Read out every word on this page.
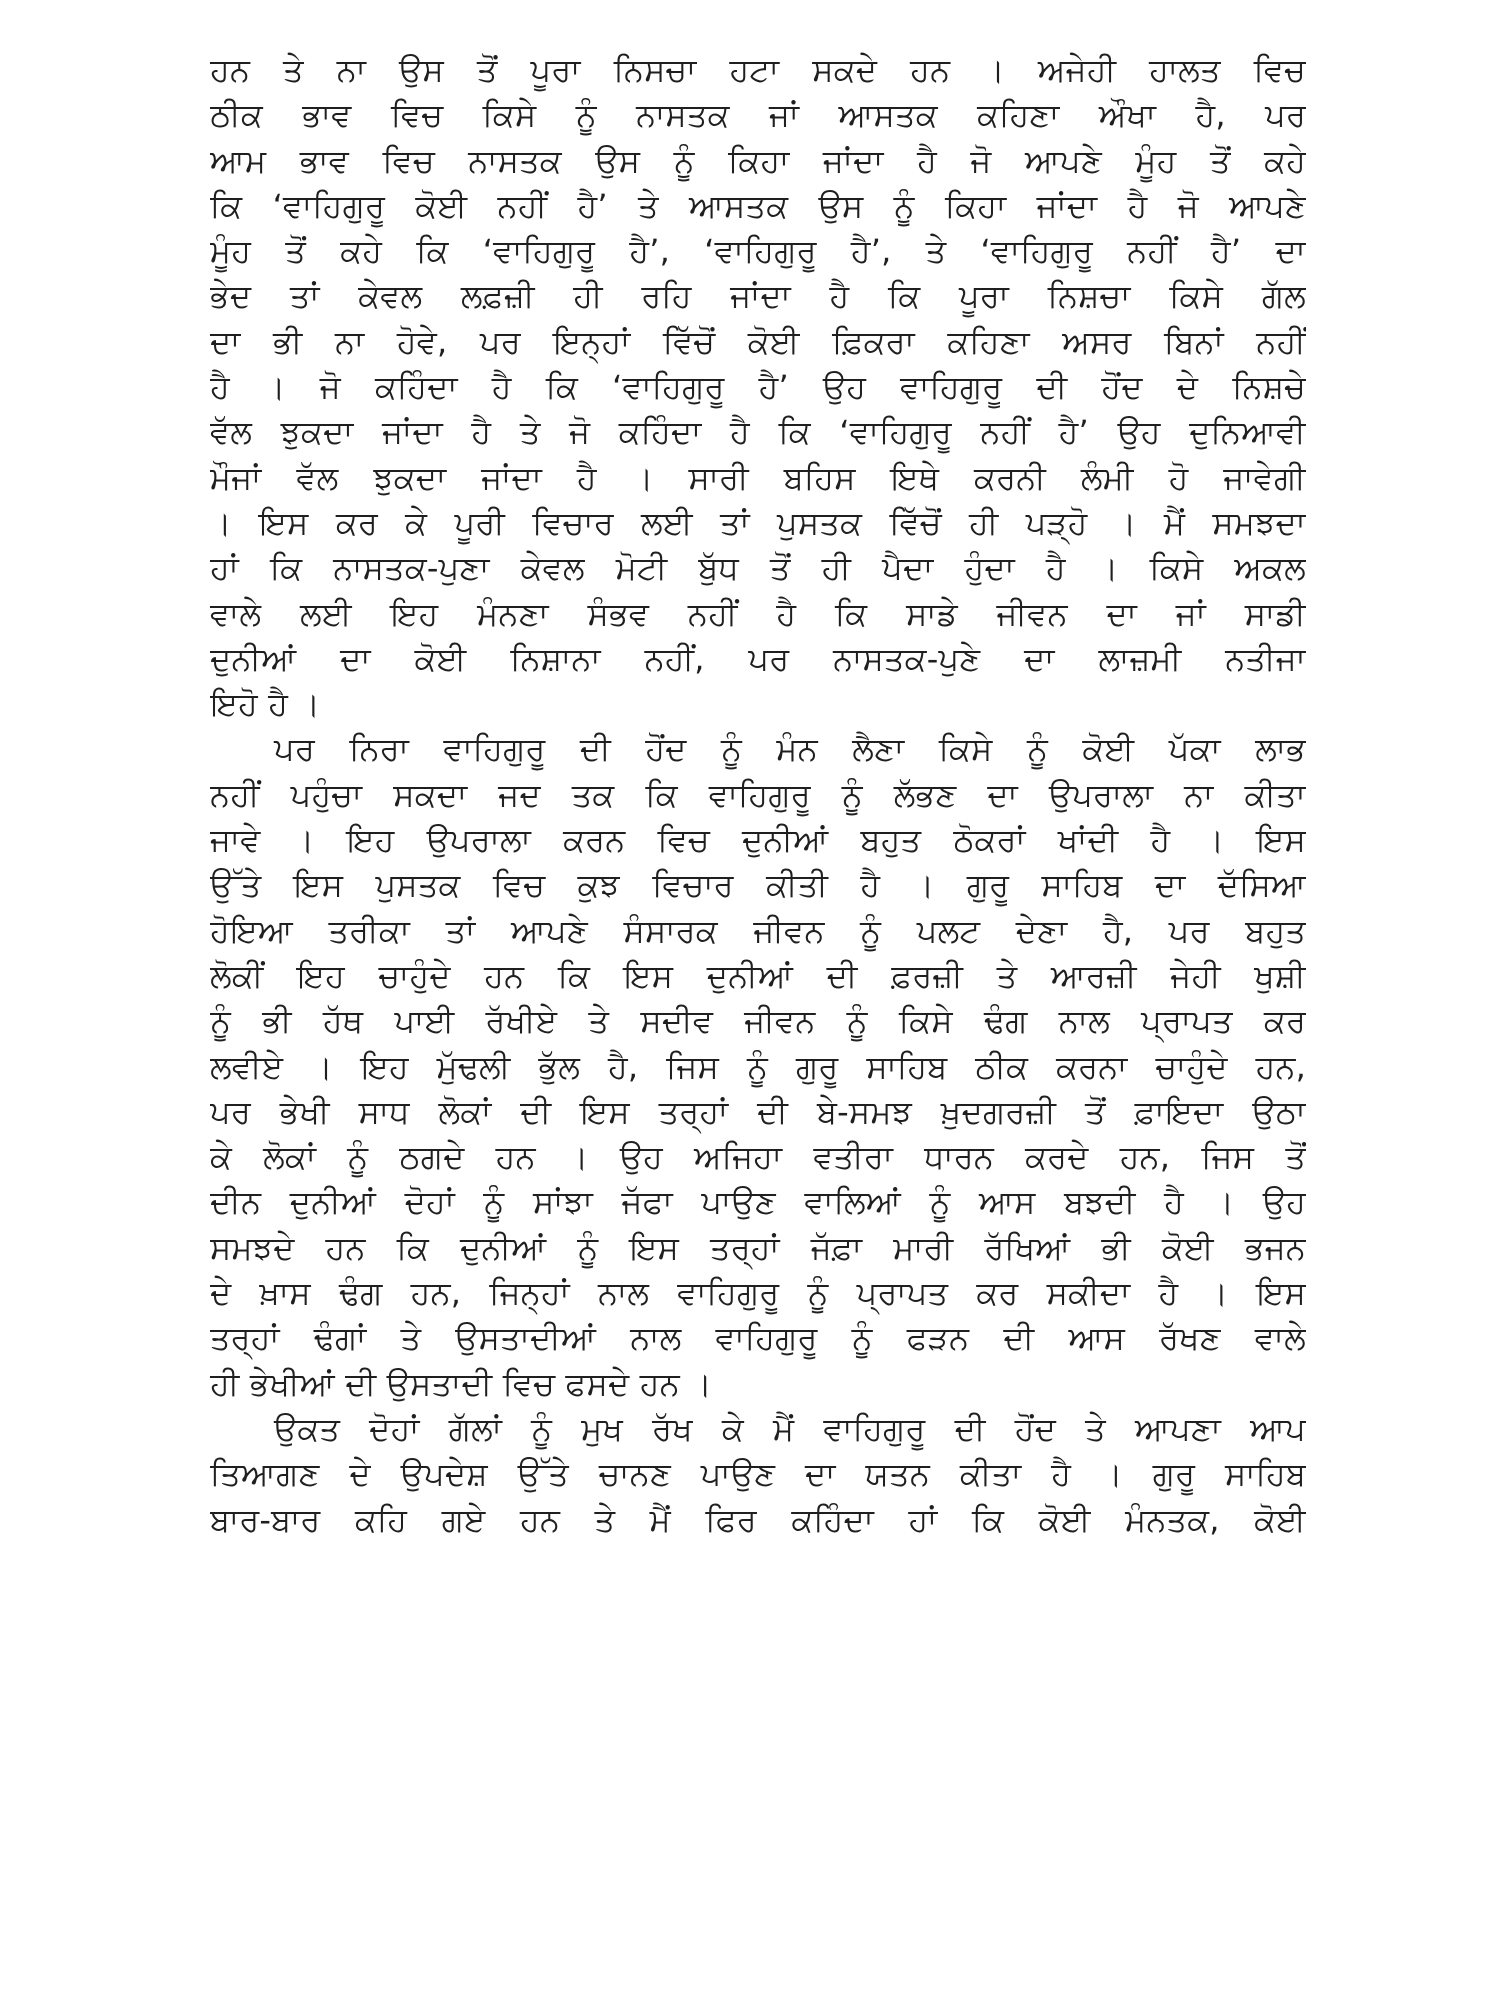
ਹਨ ਤੇ ਨਾ ਉਸ ਤੋਂ ਪੂਰਾ ਨਿਸਚਾ ਹਟਾ ਸਕਦੇ ਹਨ । ਅਜੇਹੀ ਹਾਲਤ ਵਿਚ
ਠੀਕ ਭਾਵ ਵਿਚ ਕਿਸੇ ਨੂੰ ਨਾਸਤਕ ਜਾਂ ਆਸਤਕ ਕਹਿਣਾ ਔਖਾ ਹੈ, ਪਰ
ਆਮ ਭਾਵ ਵਿਚ ਨਾਸਤਕ ਉਸ ਨੂੰ ਕਿਹਾ ਜਾਂਦਾ ਹੈ ਜੋ ਆਪਣੇ ਮੂੰਹ ਤੋਂ ਕਹੇ
ਕਿ ‘ਵਾਹਿਗੁਰੂ ਕੋਈ ਨਹੀਂ ਹੈ’ ਤੇ ਆਸਤਕ ਉਸ ਨੂੰ ਕਿਹਾ ਜਾਂਦਾ ਹੈ ਜੋ ਆਪਣੇ
ਮੂੰਹ ਤੋਂ ਕਹੇ ਕਿ ‘ਵਾਹਿਗੁਰੂ ਹੈ’, ‘ਵਾਹਿਗੁਰੂ ਹੈ’, ਤੇ ‘ਵਾਹਿਗੁਰੂ ਨਹੀਂ ਹੈ’ ਦਾ
ਭੇਦ ਤਾਂ ਕੇਵਲ ਲਫ਼ਜ਼ੀ ਹੀ ਰਹਿ ਜਾਂਦਾ ਹੈ ਕਿ ਪੂਰਾ ਨਿਸ਼ਚਾ ਕਿਸੇ ਗੱਲ
ਦਾ ਭੀ ਨਾ ਹੋਵੇ, ਪਰ ਇਨ੍ਹਾਂ ਵਿੱਚੋਂ ਕੋਈ ਫ਼ਿਕਰਾ ਕਹਿਣਾ ਅਸਰ ਬਿਨਾਂ ਨਹੀਂ
ਹੈ । ਜੋ ਕਹਿੰਦਾ ਹੈ ਕਿ ‘ਵਾਹਿਗੁਰੂ ਹੈ’ ਉਹ ਵਾਹਿਗੁਰੂ ਦੀ ਹੋਂਦ ਦੇ ਨਿਸ਼ਚੇ
ਵੱਲ ਝੁਕਦਾ ਜਾਂਦਾ ਹੈ ਤੇ ਜੋ ਕਹਿੰਦਾ ਹੈ ਕਿ ‘ਵਾਹਿਗੁਰੂ ਨਹੀਂ ਹੈ’ ਉਹ ਦੁਨਿਆਵੀ
ਮੌਜਾਂ ਵੱਲ ਝੁਕਦਾ ਜਾਂਦਾ ਹੈ । ਸਾਰੀ ਬਹਿਸ ਇਥੇ ਕਰਨੀ ਲੰਮੀ ਹੋ ਜਾਵੇਗੀ
। ਇਸ ਕਰ ਕੇ ਪੂਰੀ ਵਿਚਾਰ ਲਈ ਤਾਂ ਪੁਸਤਕ ਵਿੱਚੋਂ ਹੀ ਪੜ੍ਹੋ । ਮੈਂ ਸਮਝਦਾ
ਹਾਂ ਕਿ ਨਾਸਤਕ-ਪੁਣਾ ਕੇਵਲ ਮੋਟੀ ਬੁੱਧ ਤੋਂ ਹੀ ਪੈਦਾ ਹੁੰਦਾ ਹੈ । ਕਿਸੇ ਅਕਲ
ਵਾਲੇ ਲਈ ਇਹ ਮੰਨਣਾ ਸੰਭਵ ਨਹੀਂ ਹੈ ਕਿ ਸਾਡੇ ਜੀਵਨ ਦਾ ਜਾਂ ਸਾਡੀ
ਦੁਨੀਆਂ ਦਾ ਕੋਈ ਨਿਸ਼ਾਨਾ ਨਹੀਂ, ਪਰ ਨਾਸਤਕ-ਪੁਣੇ ਦਾ ਲਾਜ਼ਮੀ ਨਤੀਜਾ
ਇਹੋ ਹੈ ।
ਪਰ ਨਿਰਾ ਵਾਹਿਗੁਰੂ ਦੀ ਹੋਂਦ ਨੂੰ ਮੰਨ ਲੈਣਾ ਕਿਸੇ ਨੂੰ ਕੋਈ ਪੱਕਾ ਲਾਭ
ਨਹੀਂ ਪਹੁੰਚਾ ਸਕਦਾ ਜਦ ਤਕ ਕਿ ਵਾਹਿਗੁਰੂ ਨੂੰ ਲੱਭਣ ਦਾ ਉਪਰਾਲਾ ਨਾ ਕੀਤਾ
ਜਾਵੇ । ਇਹ ਉਪਰਾਲਾ ਕਰਨ ਵਿਚ ਦੁਨੀਆਂ ਬਹੁਤ ਠੋਕਰਾਂ ਖਾਂਦੀ ਹੈ । ਇਸ
ਉੱਤੇ ਇਸ ਪੁਸਤਕ ਵਿਚ ਕੁਝ ਵਿਚਾਰ ਕੀਤੀ ਹੈ । ਗੁਰੂ ਸਾਹਿਬ ਦਾ ਦੱਸਿਆ
ਹੋਇਆ ਤਰੀਕਾ ਤਾਂ ਆਪਣੇ ਸੰਸਾਰਕ ਜੀਵਨ ਨੂੰ ਪਲਟ ਦੇਣਾ ਹੈ, ਪਰ ਬਹੁਤ
ਲੋਕੀਂ ਇਹ ਚਾਹੁੰਦੇ ਹਨ ਕਿ ਇਸ ਦੁਨੀਆਂ ਦੀ ਫ਼ਰਜ਼ੀ ਤੇ ਆਰਜ਼ੀ ਜੇਹੀ ਖੁਸ਼ੀ
ਨੂੰ ਭੀ ਹੱਥ ਪਾਈ ਰੱਖੀਏ ਤੇ ਸਦੀਵ ਜੀਵਨ ਨੂੰ ਕਿਸੇ ਢੰਗ ਨਾਲ ਪ੍ਰਾਪਤ ਕਰ
ਲਵੀਏ । ਇਹ ਮੁੱਢਲੀ ਭੁੱਲ ਹੈ, ਜਿਸ ਨੂੰ ਗੁਰੂ ਸਾਹਿਬ ਠੀਕ ਕਰਨਾ ਚਾਹੁੰਦੇ ਹਨ,
ਪਰ ਭੇਖੀ ਸਾਧ ਲੋਕਾਂ ਦੀ ਇਸ ਤਰ੍ਹਾਂ ਦੀ ਬੇ-ਸਮਝ ਖ਼ੁਦਗਰਜ਼ੀ ਤੋਂ ਫ਼ਾਇਦਾ ਉਠਾ
ਕੇ ਲੋਕਾਂ ਨੂੰ ਠਗਦੇ ਹਨ । ਉਹ ਅਜਿਹਾ ਵਤੀਰਾ ਧਾਰਨ ਕਰਦੇ ਹਨ, ਜਿਸ ਤੋਂ
ਦੀਨ ਦੁਨੀਆਂ ਦੋਹਾਂ ਨੂੰ ਸਾਂਝਾ ਜੱਫਾ ਪਾਉਣ ਵਾਲਿਆਂ ਨੂੰ ਆਸ ਬਝਦੀ ਹੈ । ਉਹ
ਸਮਝਦੇ ਹਨ ਕਿ ਦੁਨੀਆਂ ਨੂੰ ਇਸ ਤਰ੍ਹਾਂ ਜੱਫ਼ਾ ਮਾਰੀ ਰੱਖਿਆਂ ਭੀ ਕੋਈ ਭਜਨ
ਦੇ ਖ਼ਾਸ ਢੰਗ ਹਨ, ਜਿਨ੍ਹਾਂ ਨਾਲ ਵਾਹਿਗੁਰੂ ਨੂੰ ਪ੍ਰਾਪਤ ਕਰ ਸਕੀਦਾ ਹੈ । ਇਸ
ਤਰ੍ਹਾਂ ਢੰਗਾਂ ਤੇ ਉਸਤਾਦੀਆਂ ਨਾਲ ਵਾਹਿਗੁਰੂ ਨੂੰ ਫੜਨ ਦੀ ਆਸ ਰੱਖਣ ਵਾਲੇ
ਹੀ ਭੇਖੀਆਂ ਦੀ ਉਸਤਾਦੀ ਵਿਚ ਫਸਦੇ ਹਨ ।
ਉਕਤ ਦੋਹਾਂ ਗੱਲਾਂ ਨੂੰ ਮੁਖ ਰੱਖ ਕੇ ਮੈਂ ਵਾਹਿਗੁਰੂ ਦੀ ਹੋਂਦ ਤੇ ਆਪਣਾ ਆਪ
ਤਿਆਗਣ ਦੇ ਉਪਦੇਸ਼ ਉੱਤੇ ਚਾਨਣ ਪਾਉਣ ਦਾ ਯਤਨ ਕੀਤਾ ਹੈ । ਗੁਰੂ ਸਾਹਿਬ
ਬਾਰ-ਬਾਰ ਕਹਿ ਗਏ ਹਨ ਤੇ ਮੈਂ ਫਿਰ ਕਹਿੰਦਾ ਹਾਂ ਕਿ ਕੋਈ ਮੰਨਤਕ, ਕੋਈ
